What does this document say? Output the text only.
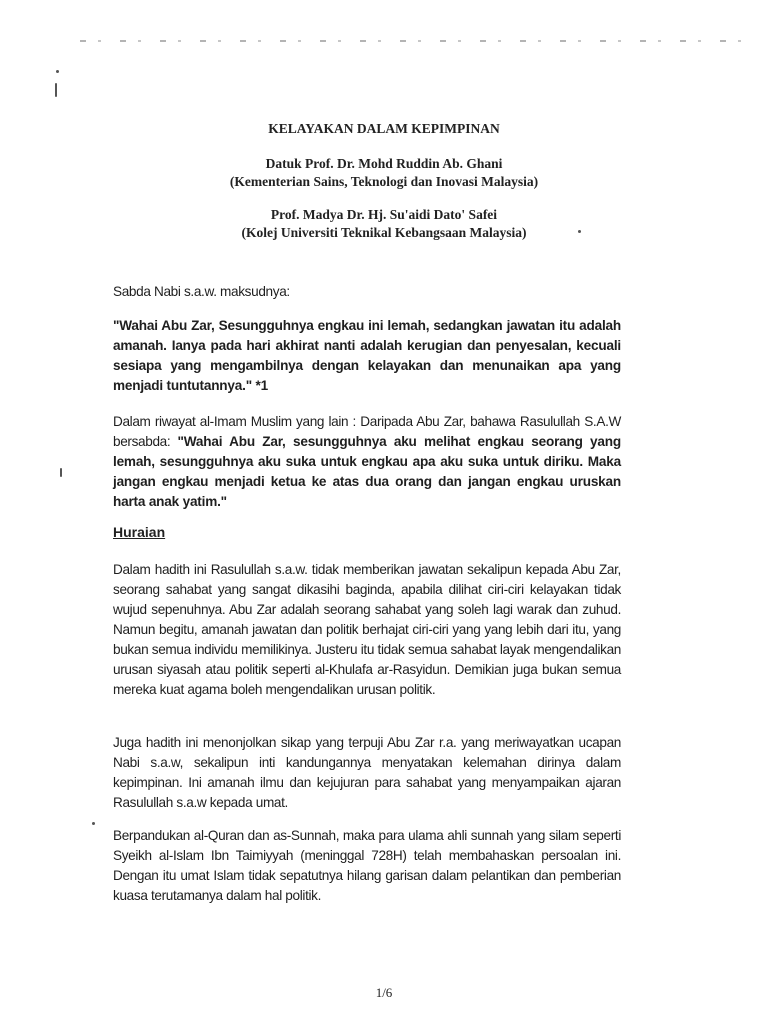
KELAYAKAN DALAM KEPIMPINAN
Datuk Prof. Dr. Mohd Ruddin Ab. Ghani
(Kementerian Sains, Teknologi dan Inovasi Malaysia)
Prof. Madya Dr. Hj. Su'aidi Dato' Safei
(Kolej Universiti Teknikal Kebangsaan Malaysia)

Sabda Nabi s.a.w. maksudnya:

"Wahai Abu Zar, Sesungguhnya engkau ini lemah, sedangkan jawatan itu adalah amanah. Ianya pada hari akhirat nanti adalah kerugian dan penyesalan, kecuali sesiapa yang mengambilnya dengan kelayakan dan menunaikan apa yang menjadi tuntutannya." *1

Dalam riwayat al-Imam Muslim yang lain : Daripada Abu Zar, bahawa Rasulullah S.A.W bersabda: "Wahai Abu Zar, sesungguhnya aku melihat engkau seorang yang lemah, sesungguhnya aku suka untuk engkau apa aku suka untuk diriku. Maka jangan engkau menjadi ketua ke atas dua orang dan jangan engkau uruskan harta anak yatim."

Huraian

Dalam hadith ini Rasulullah s.a.w. tidak memberikan jawatan sekalipun kepada Abu Zar, seorang sahabat yang sangat dikasihi baginda, apabila dilihat ciri-ciri kelayakan tidak wujud sepenuhnya. Abu Zar adalah seorang sahabat yang soleh lagi warak dan zuhud. Namun begitu, amanah jawatan dan politik berhajat ciri-ciri yang yang lebih dari itu, yang bukan semua individu memilikinya. Justeru itu tidak semua sahabat layak mengendalikan urusan siyasah atau politik seperti al-Khulafa ar-Rasyidun. Demikian juga bukan semua mereka kuat agama boleh mengendalikan urusan politik.

Juga hadith ini menonjolkan sikap yang terpuji Abu Zar r.a. yang meriwayatkan ucapan Nabi s.a.w, sekalipun inti kandungannya menyatakan kelemahan dirinya dalam kepimpinan. Ini amanah ilmu dan kejujuran para sahabat yang menyampaikan ajaran Rasulullah s.a.w kepada umat.

Berpandukan al-Quran dan as-Sunnah, maka para ulama ahli sunnah yang silam seperti Syeikh al-Islam Ibn Taimiyyah (meninggal 728H) telah membahaskan persoalan ini. Dengan itu umat Islam tidak sepatutnya hilang garisan dalam pelantikan dan pemberian kuasa terutamanya dalam hal politik.

1/6
